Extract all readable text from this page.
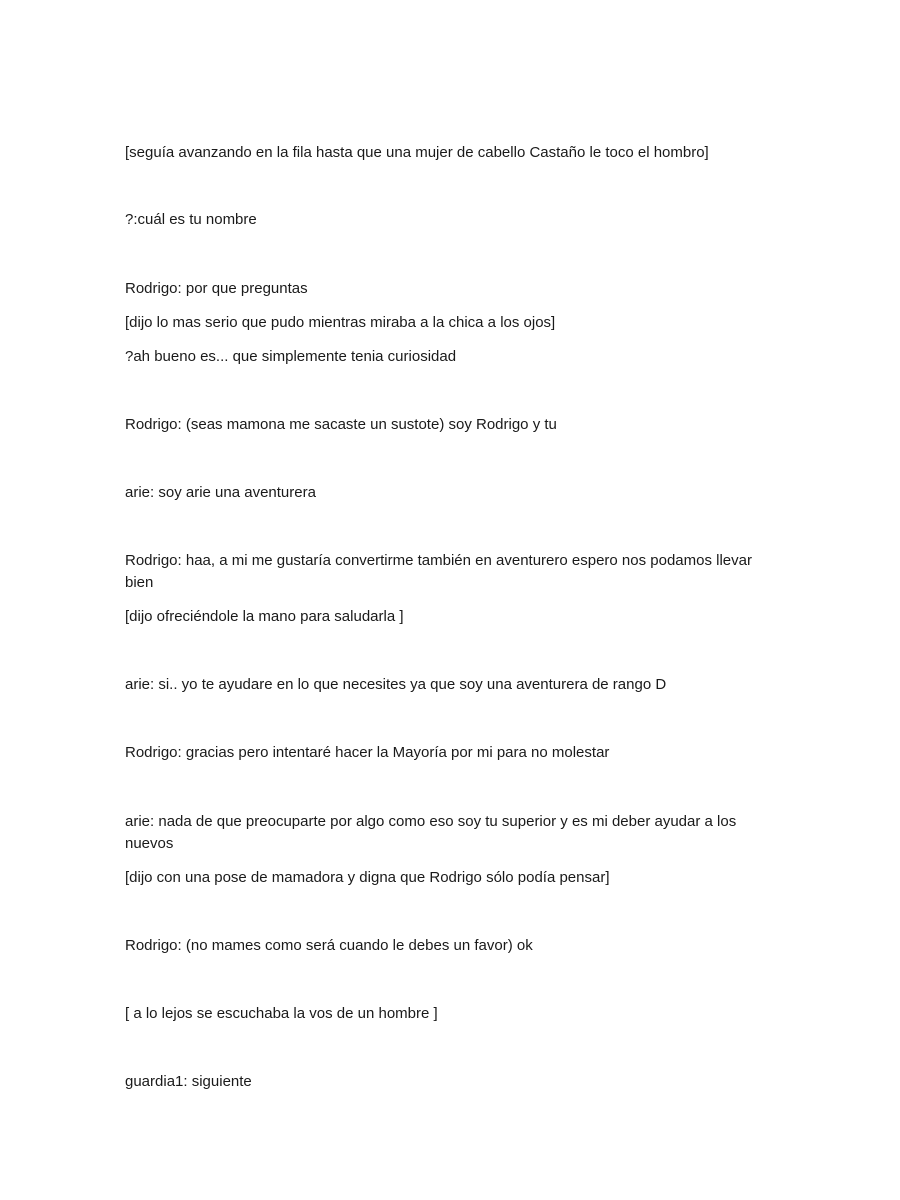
[seguía avanzando en la fila hasta que una mujer de cabello Castaño le toco el hombro]

?:cuál es tu nombre

Rodrigo: por que preguntas

[dijo lo mas serio que pudo mientras miraba a la chica a los ojos]

?ah bueno es... que simplemente tenia curiosidad

Rodrigo: (seas mamona me sacaste un sustote) soy Rodrigo y tu

arie: soy arie una aventurera

Rodrigo: haa, a mi me gustaría convertirme también en aventurero espero nos podamos llevar bien

[dijo ofreciéndole la mano para saludarla ]

arie: si.. yo te ayudare en lo que necesites ya que soy una aventurera de rango D

Rodrigo: gracias pero intentaré hacer la Mayoría por mi para no molestar

arie: nada de que preocuparte por algo como eso soy tu superior y es mi deber ayudar a los nuevos

[dijo con una pose de mamadora y digna que Rodrigo sólo podía pensar]

Rodrigo: (no mames como será cuando le debes un favor) ok

[ a lo lejos se escuchaba la vos de un hombre ]

guardia1: siguiente
